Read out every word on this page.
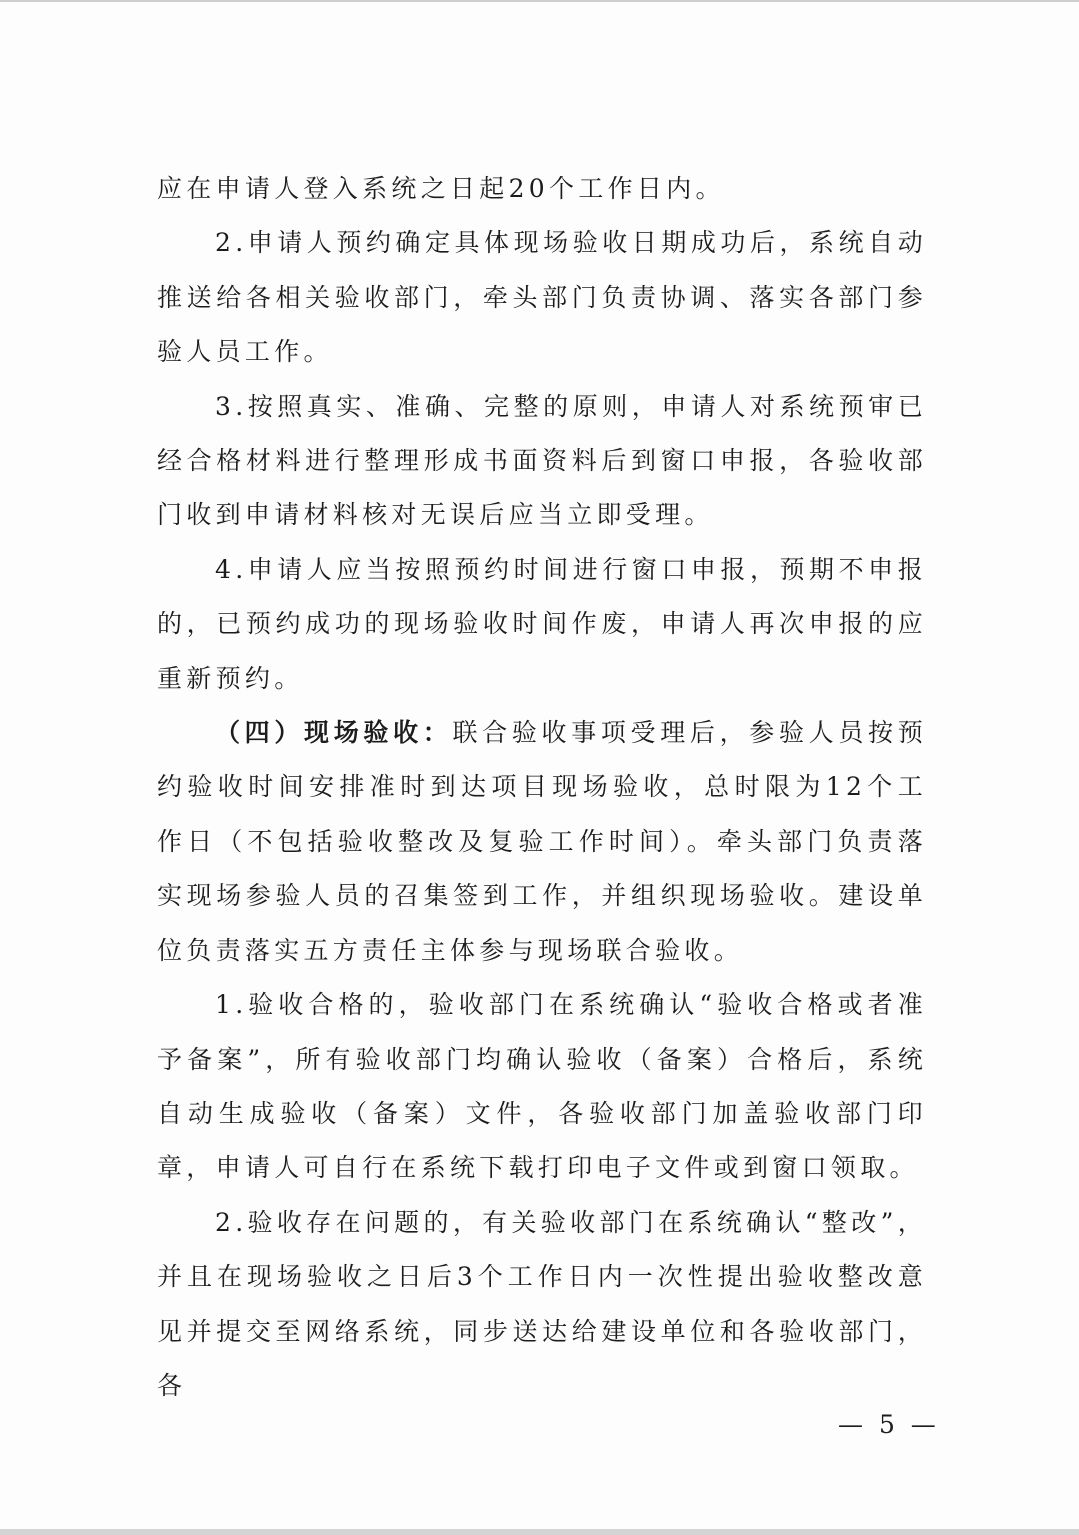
应在申请人登入系统之日起20个工作日内。

2.申请人预约确定具体现场验收日期成功后，系统自动推送给各相关验收部门，牵头部门负责协调、落实各部门参验人员工作。

3.按照真实、准确、完整的原则，申请人对系统预审已经合格材料进行整理形成书面资料后到窗口申报，各验收部门收到申请材料核对无误后应当立即受理。

4.申请人应当按照预约时间进行窗口申报，预期不申报的，已预约成功的现场验收时间作废，申请人再次申报的应重新预约。

（四）现场验收：联合验收事项受理后，参验人员按预约验收时间安排准时到达项目现场验收，总时限为12个工作日（不包括验收整改及复验工作时间）。牵头部门负责落实现场参验人员的召集签到工作，并组织现场验收。建设单位负责落实五方责任主体参与现场联合验收。

1.验收合格的，验收部门在系统确认“验收合格或者准予备案”，所有验收部门均确认验收（备案）合格后，系统自动生成验收（备案）文件，各验收部门加盖验收部门印章，申请人可自行在系统下载打印电子文件或到窗口领取。

2.验收存在问题的，有关验收部门在系统确认“整改”，并且在现场验收之日后3个工作日内一次性提出验收整改意见并提交至网络系统，同步送达给建设单位和各验收部门，各

— 5 —
